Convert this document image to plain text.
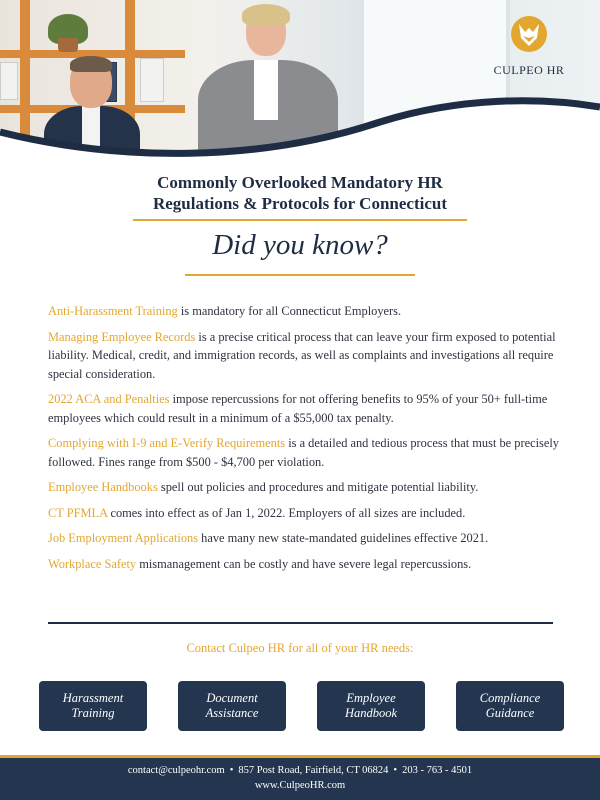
CULPEO HR
Commonly Overlooked Mandatory HR
Regulations & Protocols for Connecticut
Did you know?

Anti-Harassment Training is mandatory for all Connecticut Employers.

Managing Employee Records is a precise critical process that can leave your firm exposed to potential liability. Medical, credit, and immigration records, as well as complaints and investigations all require special consideration.

2022 ACA and Penalties impose repercussions for not offering benefits to 95% of your 50+ full-time employees which could result in a minimum of a $55,000 tax penalty.

Complying with I-9 and E-Verify Requirements is a detailed and tedious process that must be precisely followed. Fines range from $500 - $4,700 per violation.

Employee Handbooks spell out policies and procedures and mitigate potential liability.

CT PFMLA comes into effect as of Jan 1, 2022. Employers of all sizes are included.

Job Employment Applications have many new state-mandated guidelines effective 2021.

Workplace Safety mismanagement can be costly and have severe legal repercussions.

Contact Culpeo HR for all of your HR needs:
Harassment Training
Document Assistance
Employee Handbook
Compliance Guidance
contact@culpeohr.com • 857 Post Road, Fairfield, CT 06824 • 203 - 763 - 4501
www.CulpeoHR.com
